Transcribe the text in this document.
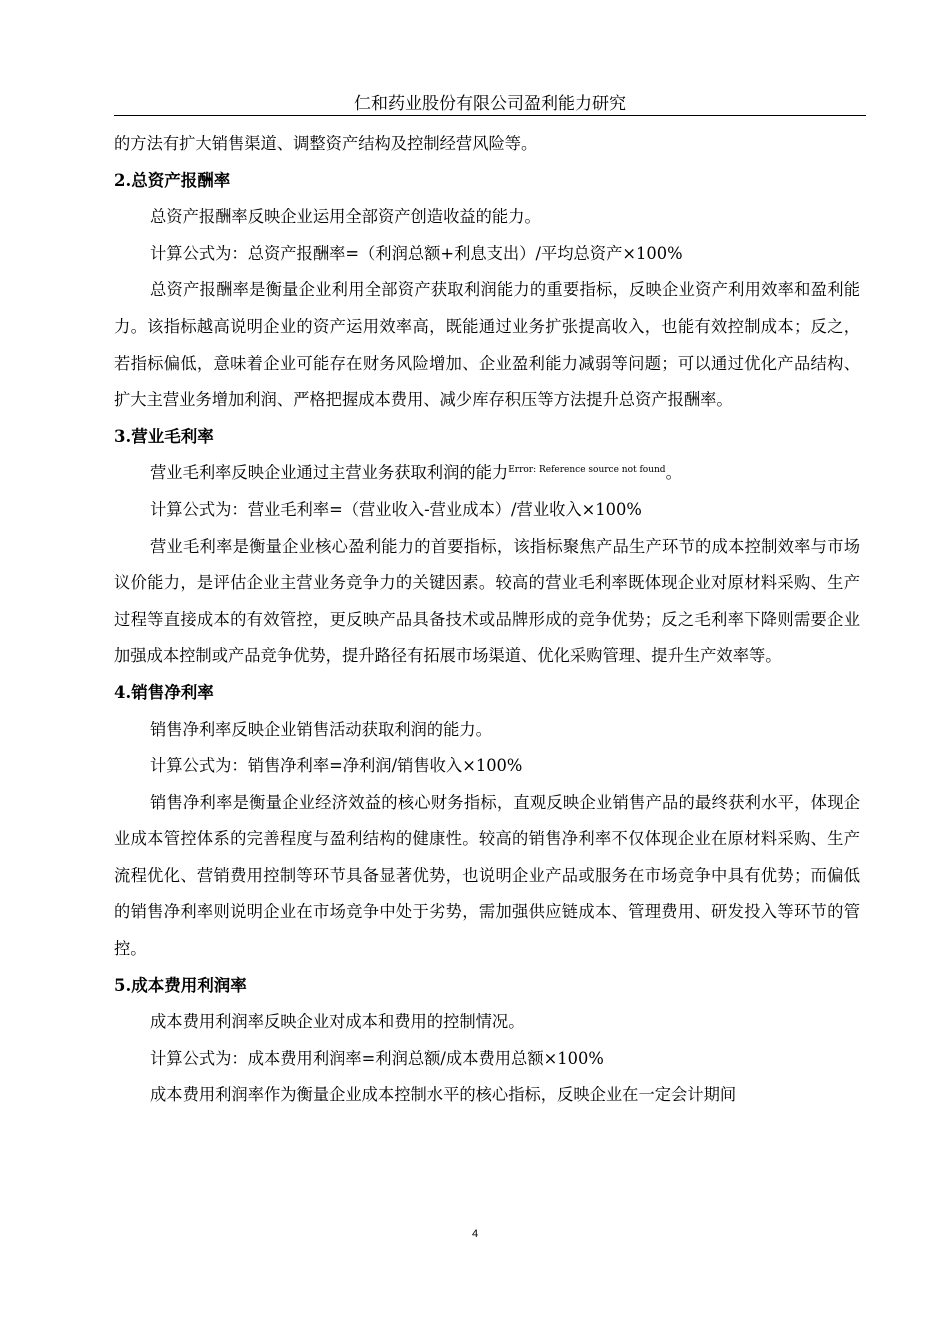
仁和药业股份有限公司盈利能力研究

的方法有扩大销售渠道、调整资产结构及控制经营风险等。

2.总资产报酬率

总资产报酬率反映企业运用全部资产创造收益的能力。

计算公式为：总资产报酬率=（利润总额+利息支出）/平均总资产×100%

总资产报酬率是衡量企业利用全部资产获取利润能力的重要指标，反映企业资产利用效率和盈利能力。该指标越高说明企业的资产运用效率高，既能通过业务扩张提高收入，也能有效控制成本；反之，若指标偏低，意味着企业可能存在财务风险增加、企业盈利能力减弱等问题；可以通过优化产品结构、扩大主营业务增加利润、严格把握成本费用、减少库存积压等方法提升总资产报酬率。

3.营业毛利率

营业毛利率反映企业通过主营业务获取利润的能力$^{Error: Reference source not found}$。

计算公式为：营业毛利率=（营业收入-营业成本）/营业收入×100%

营业毛利率是衡量企业核心盈利能力的首要指标，该指标聚焦产品生产环节的成本控制效率与市场议价能力，是评估企业主营业务竞争力的关键因素。较高的营业毛利率既体现企业对原材料采购、生产过程等直接成本的有效管控，更反映产品具备技术或品牌形成的竞争优势；反之毛利率下降则需要企业加强成本控制或产品竞争优势，提升路径有拓展市场渠道、优化采购管理、提升生产效率等。

4.销售净利率

销售净利率反映企业销售活动获取利润的能力。

计算公式为：销售净利率=净利润/销售收入×100%

销售净利率是衡量企业经济效益的核心财务指标，直观反映企业销售产品的最终获利水平，体现企业成本管控体系的完善程度与盈利结构的健康性。较高的销售净利率不仅体现企业在原材料采购、生产流程优化、营销费用控制等环节具备显著优势，也说明企业产品或服务在市场竞争中具有优势；而偏低的销售净利率则说明企业在市场竞争中处于劣势，需加强供应链成本、管理费用、研发投入等环节的管控。

5.成本费用利润率

成本费用利润率反映企业对成本和费用的控制情况。

计算公式为：成本费用利润率=利润总额/成本费用总额×100%

成本费用利润率作为衡量企业成本控制水平的核心指标，反映企业在一定会计期间

4
